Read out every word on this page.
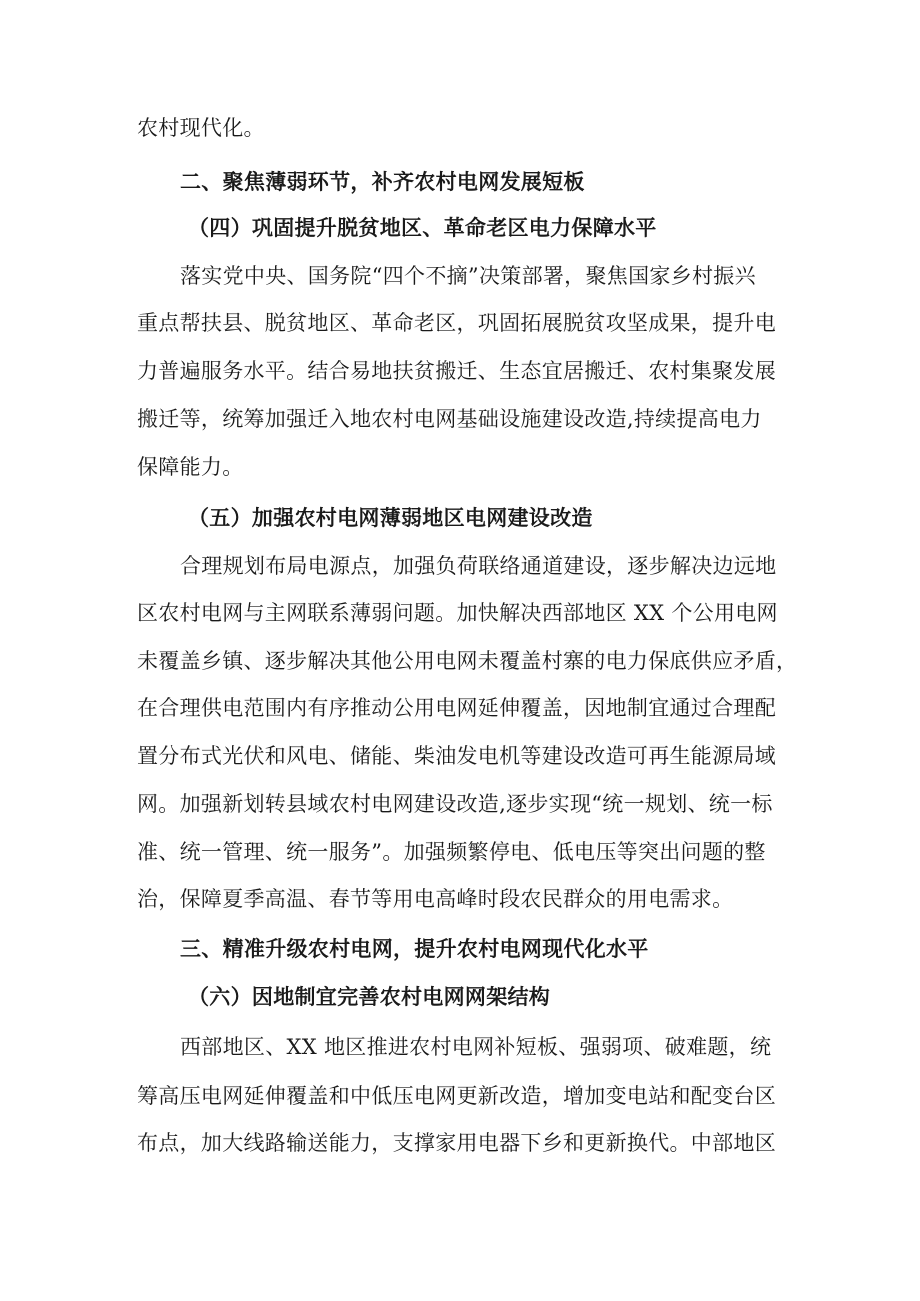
农村现代化。
二、聚焦薄弱环节，补齐农村电网发展短板
（四）巩固提升脱贫地区、革命老区电力保障水平
落实党中央、国务院“四个不摘”决策部署，聚焦国家乡村振兴
重点帮扶县、脱贫地区、革命老区，巩固拓展脱贫攻坚成果，提升电
力普遍服务水平。结合易地扶贫搬迁、生态宜居搬迁、农村集聚发展
搬迁等，统筹加强迁入地农村电网基础设施建设改造,持续提高电力
保障能力。
（五）加强农村电网薄弱地区电网建设改造
合理规划布局电源点，加强负荷联络通道建设，逐步解决边远地
区农村电网与主网联系薄弱问题。加快解决西部地区 XX 个公用电网
未覆盖乡镇、逐步解决其他公用电网未覆盖村寨的电力保底供应矛盾，
在合理供电范围内有序推动公用电网延伸覆盖，因地制宜通过合理配
置分布式光伏和风电、储能、柴油发电机等建设改造可再生能源局域
网。加强新划转县域农村电网建设改造,逐步实现“统一规划、统一标
准、统一管理、统一服务”。加强频繁停电、低电压等突出问题的整
治，保障夏季高温、春节等用电高峰时段农民群众的用电需求。
三、精准升级农村电网，提升农村电网现代化水平
（六）因地制宜完善农村电网网架结构
西部地区、XX 地区推进农村电网补短板、强弱项、破难题，统
筹高压电网延伸覆盖和中低压电网更新改造，增加变电站和配变台区
布点，加大线路输送能力，支撑家用电器下乡和更新换代。中部地区
